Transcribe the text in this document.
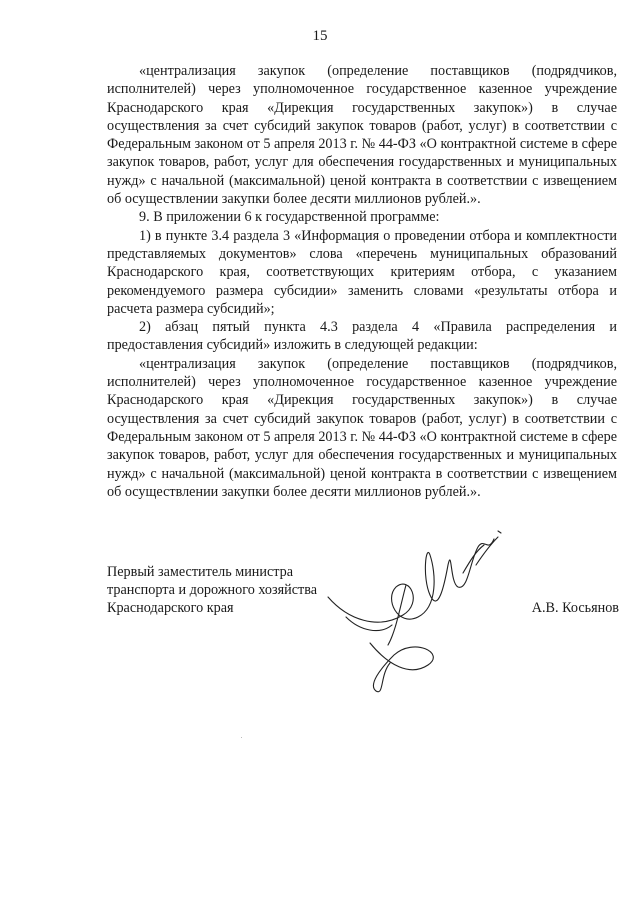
15

«централизация закупок (определение поставщиков (подрядчиков, исполнителей) через уполномоченное государственное казенное учреждение Краснодарского края «Дирекция государственных закупок») в случае осуществления за счет субсидий закупок товаров (работ, услуг) в соответствии с Федеральным законом от 5 апреля 2013 г. № 44-ФЗ «О контрактной системе в сфере закупок товаров, работ, услуг для обеспечения государственных и муниципальных нужд» с начальной (максимальной) ценой контракта в соответствии с извещением об осуществлении закупки более десяти миллионов рублей.».

9. В приложении 6 к государственной программе:

1) в пункте 3.4 раздела 3 «Информация о проведении отбора и комплектности представляемых документов» слова «перечень муниципальных образований Краснодарского края, соответствующих критериям отбора, с указанием рекомендуемого размера субсидии» заменить словами «результаты отбора и расчета размера субсидий»;

2) абзац пятый пункта 4.3 раздела 4 «Правила распределения и предоставления субсидий» изложить в следующей редакции:

«централизация закупок (определение поставщиков (подрядчиков, исполнителей) через уполномоченное государственное казенное учреждение Краснодарского края «Дирекция государственных закупок») в случае осуществления за счет субсидий закупок товаров (работ, услуг) в соответствии с Федеральным законом от 5 апреля 2013 г. № 44-ФЗ «О контрактной системе в сфере закупок товаров, работ, услуг для обеспечения государственных и муниципальных нужд» с начальной (максимальной) ценой контракта в соответствии с извещением об осуществлении закупки более десяти миллионов рублей.».

Первый заместитель министра
транспорта и дорожного хозяйства
Краснодарского края	А.В. Косьянов
